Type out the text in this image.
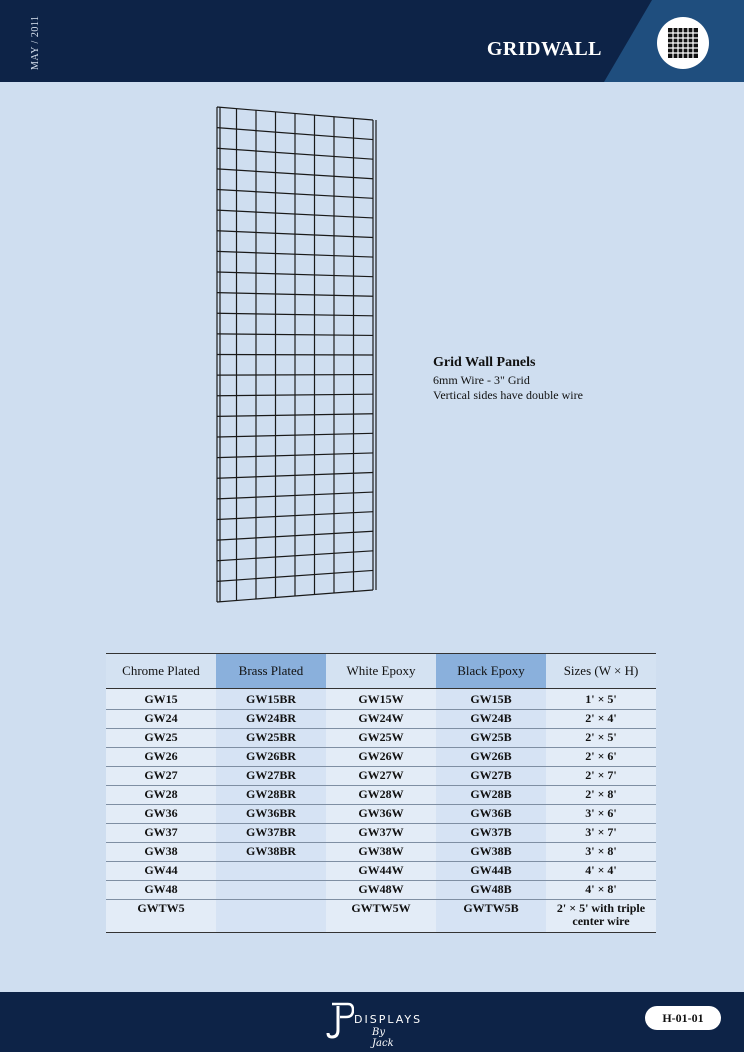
MAY / 2011	GRIDWALL
Grid Wall Panels
6mm Wire - 3" Grid
Vertical sides have double wire
Chrome Plated	Brass Plated	White Epoxy	Black Epoxy	Sizes (W × H)
GW15	GW15BR	GW15W	GW15B	1' × 5'
GW24	GW24BR	GW24W	GW24B	2' × 4'
GW25	GW25BR	GW25W	GW25B	2' × 5'
GW26	GW26BR	GW26W	GW26B	2' × 6'
GW27	GW27BR	GW27W	GW27B	2' × 7'
GW28	GW28BR	GW28W	GW28B	2' × 8'
GW36	GW36BR	GW36W	GW36B	3' × 6'
GW37	GW37BR	GW37W	GW37B	3' × 7'
GW38	GW38BR	GW38W	GW38B	3' × 8'
GW44		GW44W	GW44B	4' × 4'
GW48		GW48W	GW48B	4' × 8'
GWTW5		GWTW5W	GWTW5B	2' × 5' with triple center wire
DISPLAYS
By Jack
H-01-01
